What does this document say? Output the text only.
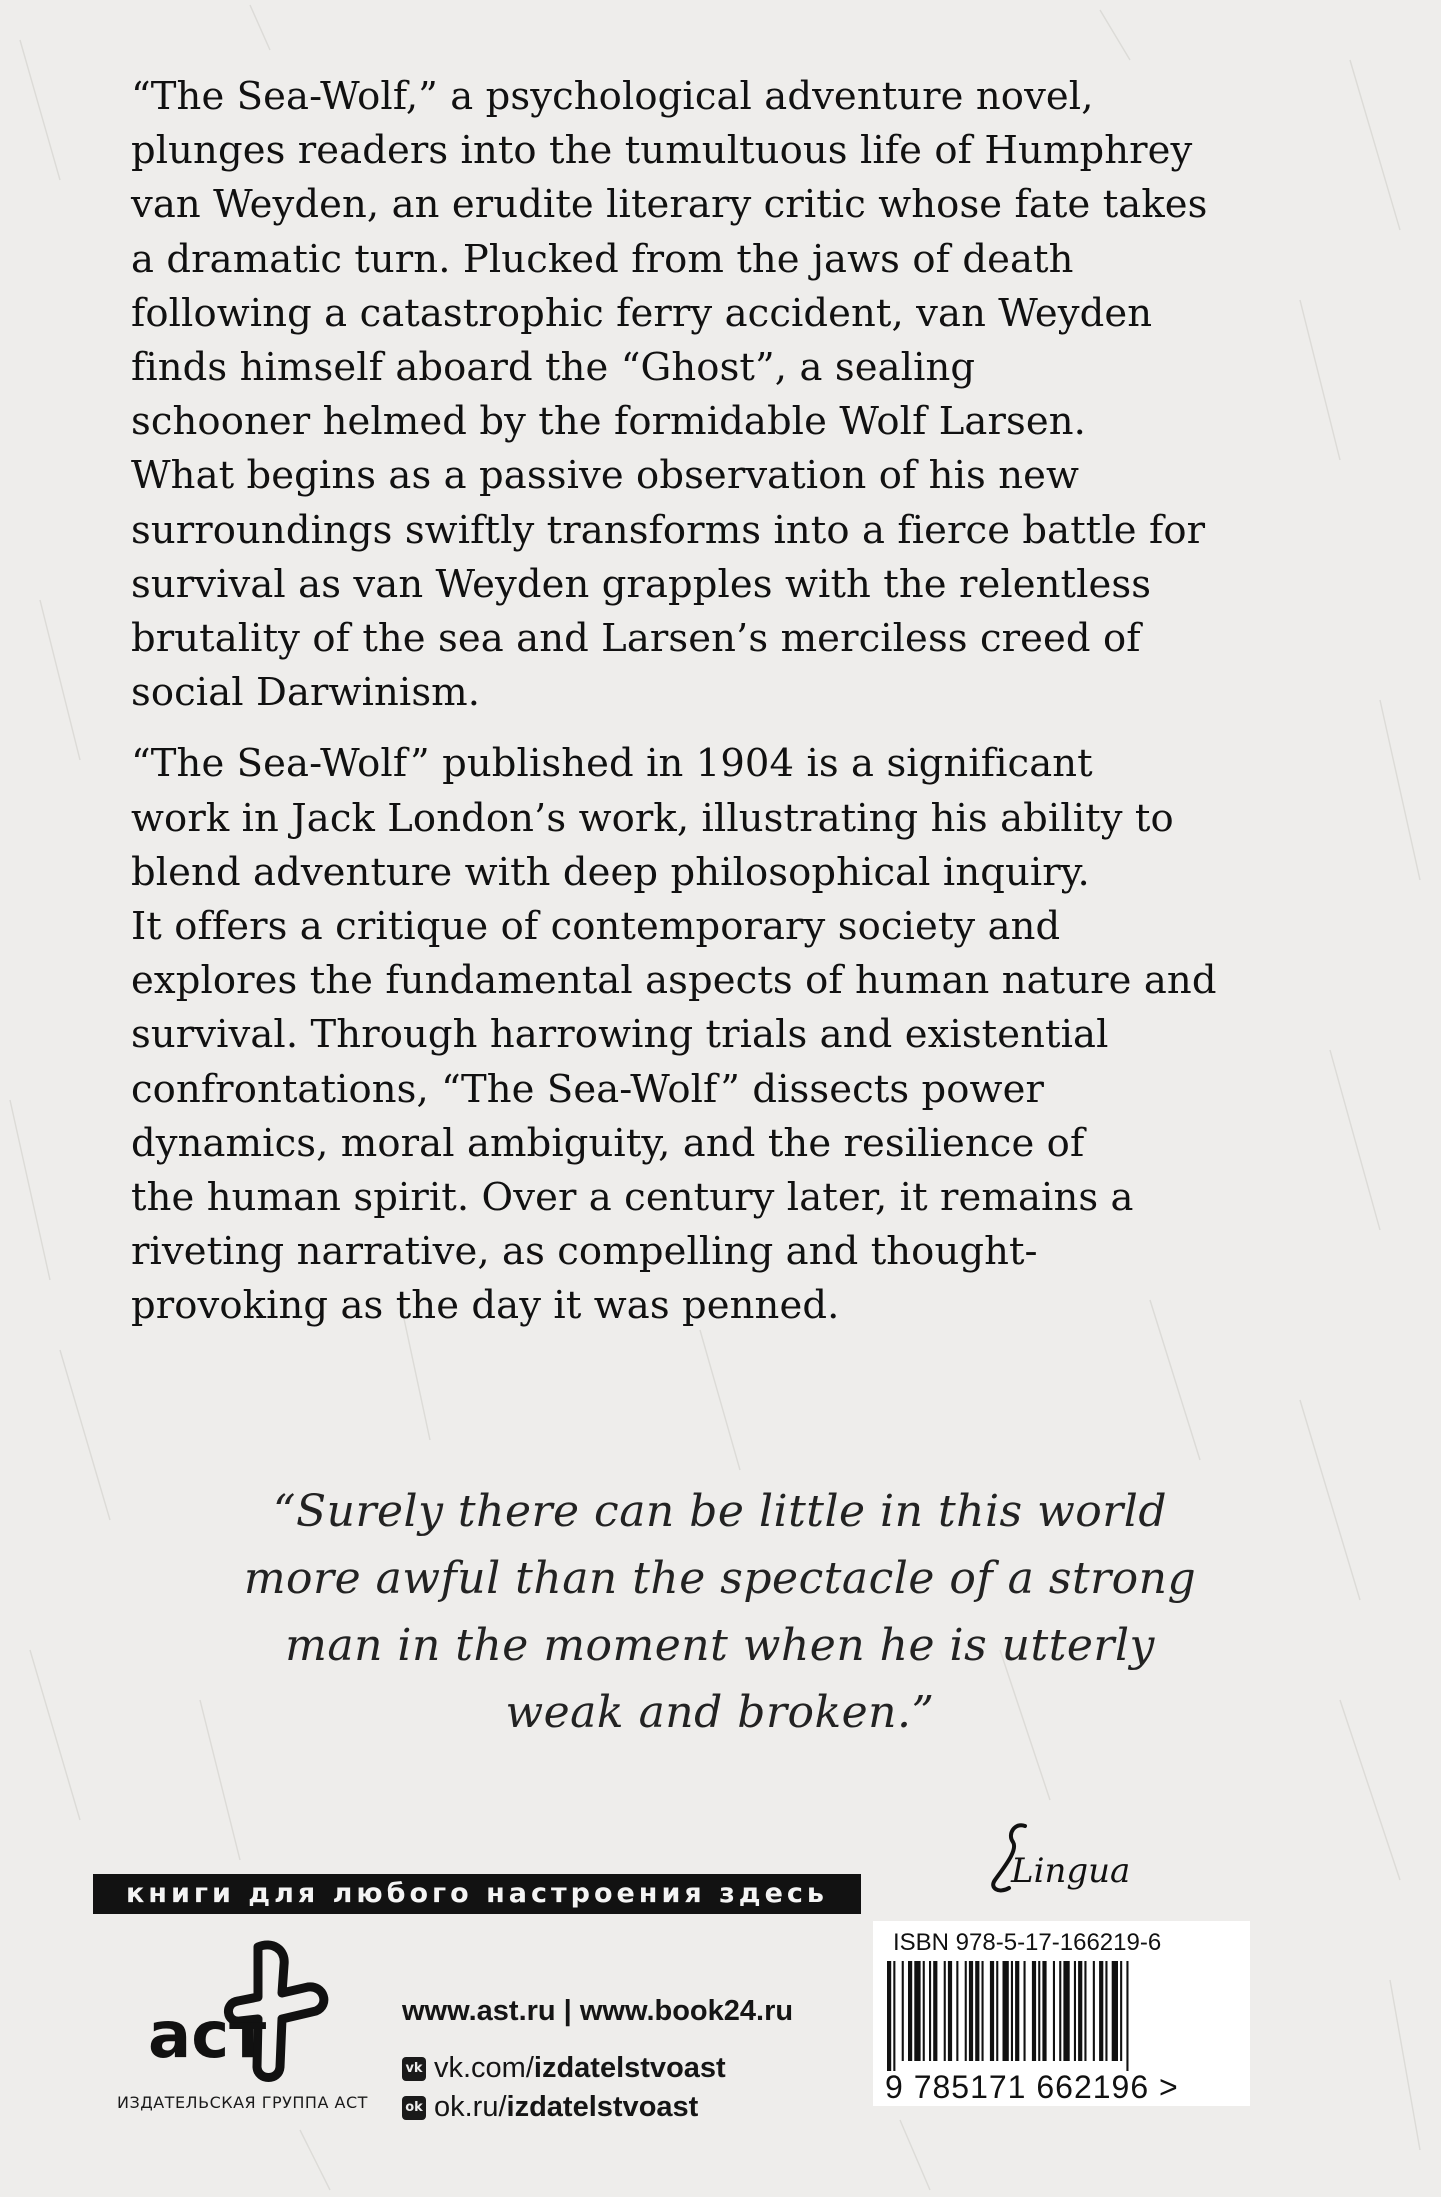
“The Sea-Wolf,” a psychological adventure novel,
plunges readers into the tumultuous life of Humphrey
van Weyden, an erudite literary critic whose fate takes
a dramatic turn. Plucked from the jaws of death
following a catastrophic ferry accident, van Weyden
finds himself aboard the “Ghost”, a sealing
schooner helmed by the formidable Wolf Larsen.
What begins as a passive observation of his new
surroundings swiftly transforms into a fierce battle for
survival as van Weyden grapples with the relentless
brutality of the sea and Larsen’s merciless creed of
social Darwinism.
“The Sea-Wolf” published in 1904 is a significant
work in Jack London’s work, illustrating his ability to
blend adventure with deep philosophical inquiry.
It offers a critique of contemporary society and
explores the fundamental aspects of human nature and
survival. Through harrowing trials and existential
confrontations, “The Sea-Wolf” dissects power
dynamics, moral ambiguity, and the resilience of
the human spirit. Over a century later, it remains a
riveting narrative, as compelling and thought-
provoking as the day it was penned.
“Surely there can be little in this world
more awful than the spectacle of a strong
man in the moment when he is utterly
weak and broken.”
книги для любого настроения здесь
аст
ИЗДАТЕЛЬСКАЯ ГРУППА АСТ
www.ast.ru | www.book24.ru
vk vk.com/ izdatelstvoast
ok ok.ru/ izdatelstvoast
Lingua
ISBN 978-5-17-166219-6
9 785171 662196 >
